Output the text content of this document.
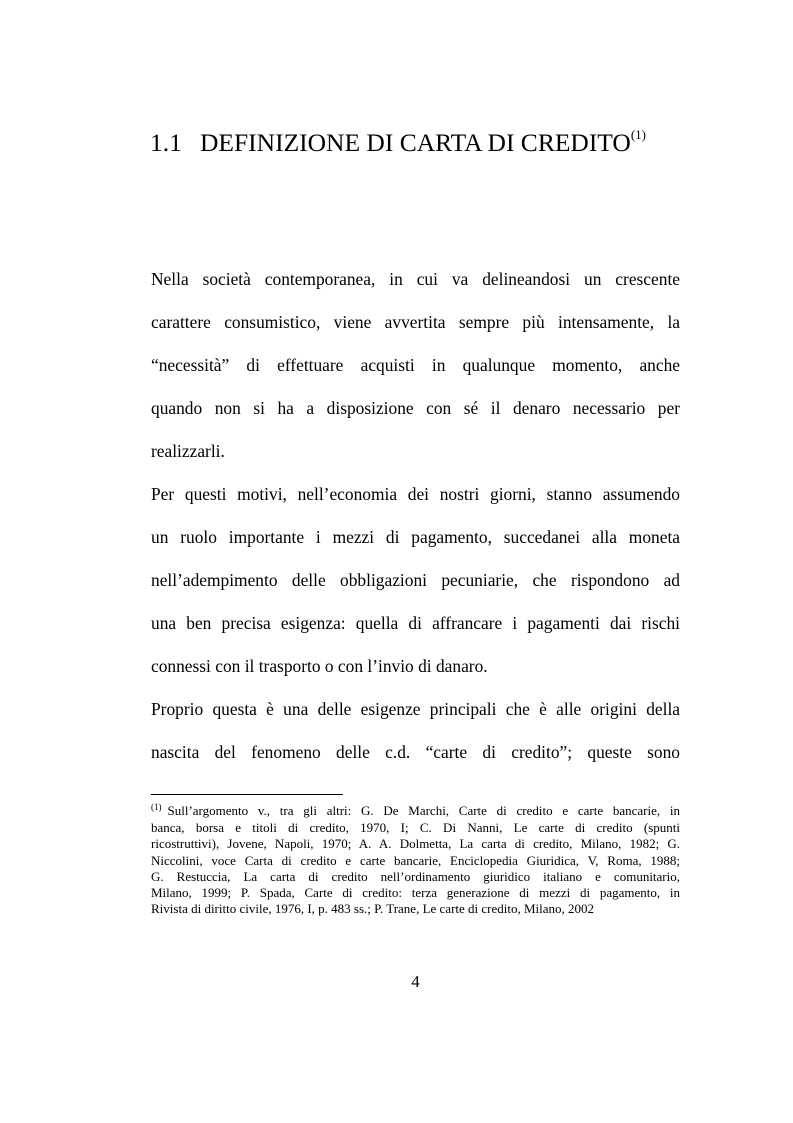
1.1 DEFINIZIONE DI CARTA DI CREDITO$^{(1)}$
Nella società contemporanea, in cui va delineandosi un crescente
carattere consumistico, viene avvertita sempre più intensamente, la
“necessità” di effettuare acquisti in qualunque momento, anche
quando non si ha a disposizione con sé il denaro necessario per
realizzarli.
Per questi motivi, nell’economia dei nostri giorni, stanno assumendo
un ruolo importante i mezzi di pagamento, succedanei alla moneta
nell’adempimento delle obbligazioni pecuniarie, che rispondono ad
una ben precisa esigenza: quella di affrancare i pagamenti dai rischi
connessi con il trasporto o con l’invio di danaro.
Proprio questa è una delle esigenze principali che è alle origini della
nascita del fenomeno delle c.d. “carte di credito”; queste sono
$^{(1)}$ Sull’argomento v., tra gli altri: G. De Marchi, Carte di credito e carte bancarie, in
banca, borsa e titoli di credito, 1970, I; C. Di Nanni, Le carte di credito (spunti
ricostruttivi), Jovene, Napoli, 1970; A. A. Dolmetta, La carta di credito, Milano, 1982; G.
Niccolini, voce Carta di credito e carte bancarie, Enciclopedia Giuridica, V, Roma, 1988;
G. Restuccia, La carta di credito nell’ordinamento giuridico italiano e comunitario,
Milano, 1999; P. Spada, Carte di credito: terza generazione di mezzi di pagamento, in
Rivista di diritto civile, 1976, I, p. 483 ss.; P. Trane, Le carte di credito, Milano, 2002
4
